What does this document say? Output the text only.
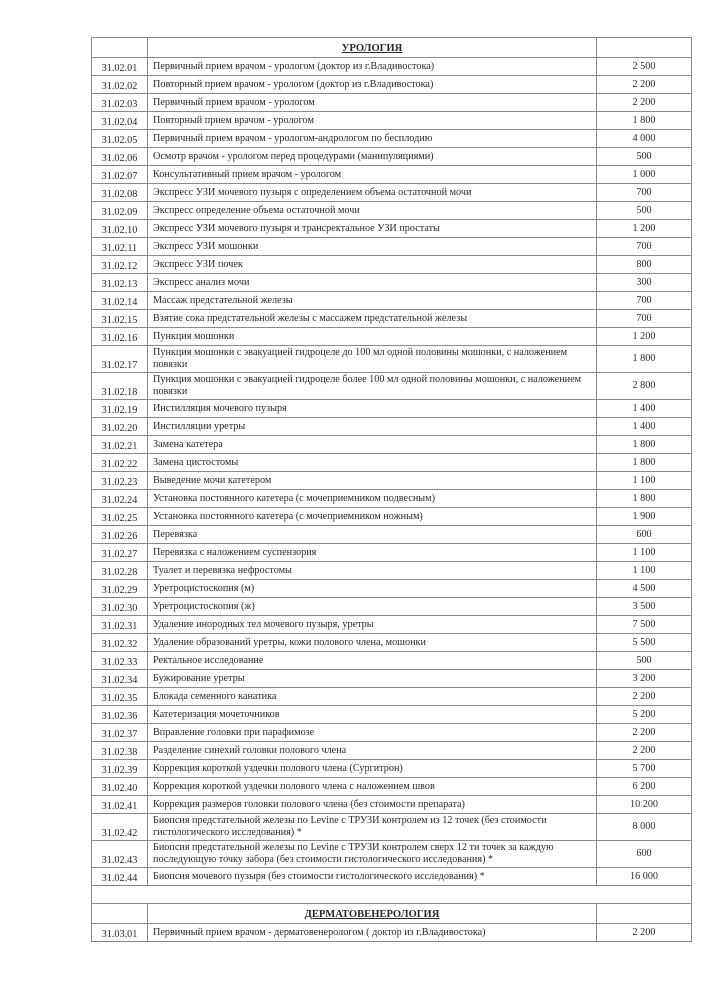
	УРОЛОГИЯ	
31.02.01	Первичный прием врачом - урологом (доктор из г.Владивостока)	2 500
31.02.02	Повторный прием врачом - урологом (доктор из г.Владивостока)	2 200
31.02.03	Первичный прием врачом - урологом	2 200
31.02.04	Повторный прием врачом - урологом	1 800
31.02.05	Первичный прием врачом - урологом-андрологом по бесплодию	4 000
31.02.06	Осмотр врачом - урологом перед процедурами (манипуляциями)	500
31.02.07	Консультативный прием врачом - урологом	1 000
31.02.08	Экспресс УЗИ мочевого пузыря с определением объема остаточной мочи	700
31.02.09	Экспресс определение объема остаточной мочи	500
31.02.10	Экспресс УЗИ мочевого пузыря и трансректальное УЗИ простаты	1 200
31.02.11	Экспресс УЗИ мошонки	700
31.02.12	Экспресс УЗИ почек	800
31.02.13	Экспресс анализ мочи	300
31.02.14	Массаж предстательной железы	700
31.02.15	Взятие сока предстательной железы с массажем предстательной железы	700
31.02.16	Пункция мошонки	1 200
31.02.17	Пункция мошонки с эвакуацией гидроцеле до 100 мл одной половины мошонки, с наложением повязки	1 800
31.02.18	Пункция мошонки с эвакуацией гидроцеле более 100 мл одной половины мошонки, с наложением повязки	2 800
31.02.19	Инстилляция мочевого пузыря	1 400
31.02.20	Инстилляции уретры	1 400
31.02.21	Замена катетера	1 800
31.02.22	Замена цистостомы	1 800
31.02.23	Выведение мочи катетером	1 100
31.02.24	Установка постоянного катетера (с мочеприемником подвесным)	1 800
31.02.25	Установка постоянного катетера (с мочеприемником ножным)	1 900
31.02.26	Перевязка	600
31.02.27	Перевязка с наложением суспензория	1 100
31.02.28	Туалет и перевязка нефростомы	1 100
31.02.29	Уретроцистоскопия (м)	4 500
31.02.30	Уретроцистоскопия (ж)	3 500
31.02.31	Удаление инородных тел мочевого пузыря, уретры	7 500
31.02.32	Удаление образований уретры, кожи полового члена, мошонки	5 500
31.02.33	Ректальное исследование	500
31.02.34	Бужирование уретры	3 200
31.02.35	Блокада семенного канатика	2 200
31.02.36	Катетеризация мочеточников	5 200
31.02.37	Вправление головки при парафимозе	2 200
31.02.38	Разделение синехий головки полового члена	2 200
31.02.39	Коррекция короткой уздечки полового члена (Сургитрон)	5 700
31.02.40	Коррекция короткой уздечки полового члена с наложением швов	6 200
31.02.41	Коррекция размеров головки полового члена (без стоимости препарата)	10 200
31.02.42	Биопсия предстательной железы по Levine с ТРУЗИ контролем из 12 точек (без стоимости гистологического исследования) *	8 000
31.02.43	Биопсия предстательной железы по Levine с ТРУЗИ контролем сверх 12 ти точек за каждую последующую точку забора (без стоимости гистологического исследования) *	600
31.02.44	Биопсия мочевого пузыря (без стоимости гистологического исследования) *	16 000

	ДЕРМАТОВЕНЕРОЛОГИЯ	
31.03.01	Первичный прием врачом - дерматовенерологом ( доктор из г.Владивостока)	2 200
